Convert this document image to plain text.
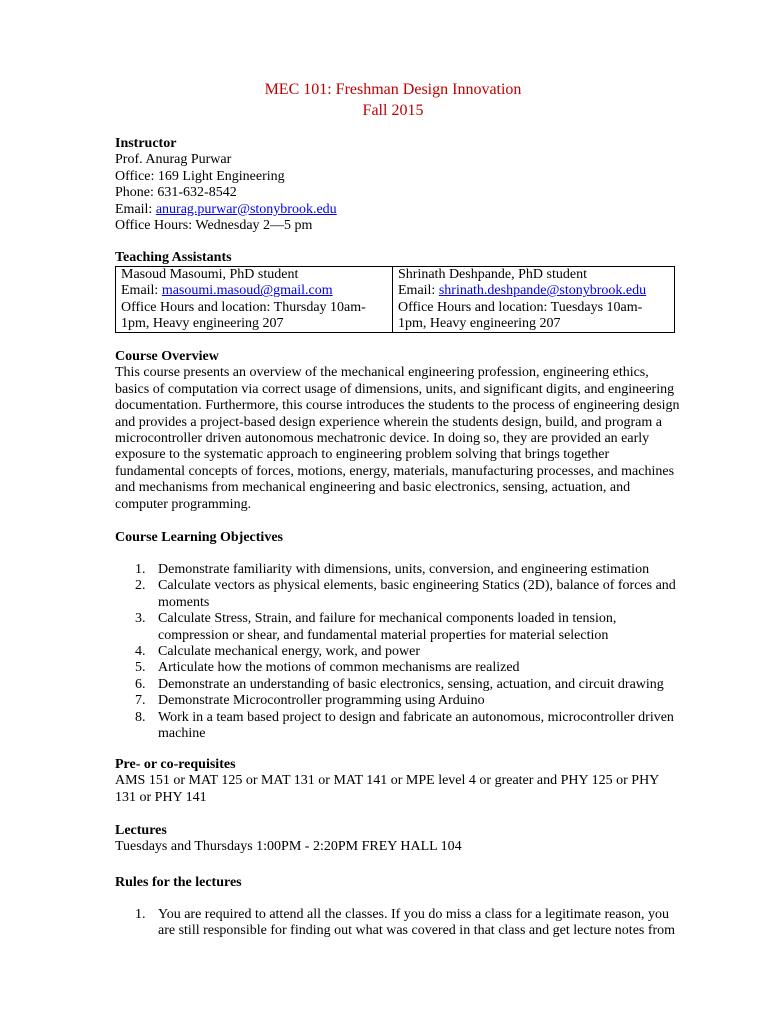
MEC 101: Freshman Design Innovation
Fall 2015
Instructor
Prof. Anurag Purwar
Office: 169 Light Engineering
Phone: 631-632-8542
Email: anurag.purwar@stonybrook.edu
Office Hours: Wednesday 2—5 pm
Teaching Assistants
Masoud Masoumi, PhD student
Email: masoumi.masoud@gmail.com
Office Hours and location: Thursday 10am-
1pm, Heavy engineering 207
Shrinath Deshpande, PhD student
Email: shrinath.deshpande@stonybrook.edu
Office Hours and location: Tuesdays 10am-
1pm, Heavy engineering 207
Course Overview
This course presents an overview of the mechanical engineering profession, engineering ethics,
basics of computation via correct usage of dimensions, units, and significant digits, and engineering
documentation. Furthermore, this course introduces the students to the process of engineering design
and provides a project-based design experience wherein the students design, build, and program a
microcontroller driven autonomous mechatronic device. In doing so, they are provided an early
exposure to the systematic approach to engineering problem solving that brings together
fundamental concepts of forces, motions, energy, materials, manufacturing processes, and machines
and mechanisms from mechanical engineering and basic electronics, sensing, actuation, and
computer programming.
Course Learning Objectives
1. Demonstrate familiarity with dimensions, units, conversion, and engineering estimation
2. Calculate vectors as physical elements, basic engineering Statics (2D), balance of forces and
moments
3. Calculate Stress, Strain, and failure for mechanical components loaded in tension,
compression or shear, and fundamental material properties for material selection
4. Calculate mechanical energy, work, and power
5. Articulate how the motions of common mechanisms are realized
6. Demonstrate an understanding of basic electronics, sensing, actuation, and circuit drawing
7. Demonstrate Microcontroller programming using Arduino
8. Work in a team based project to design and fabricate an autonomous, microcontroller driven
machine
Pre- or co-requisites
AMS 151 or MAT 125 or MAT 131 or MAT 141 or MPE level 4 or greater and PHY 125 or PHY
131 or PHY 141
Lectures
Tuesdays and Thursdays 1:00PM - 2:20PM FREY HALL 104
Rules for the lectures
1. You are required to attend all the classes. If you do miss a class for a legitimate reason, you
are still responsible for finding out what was covered in that class and get lecture notes from
